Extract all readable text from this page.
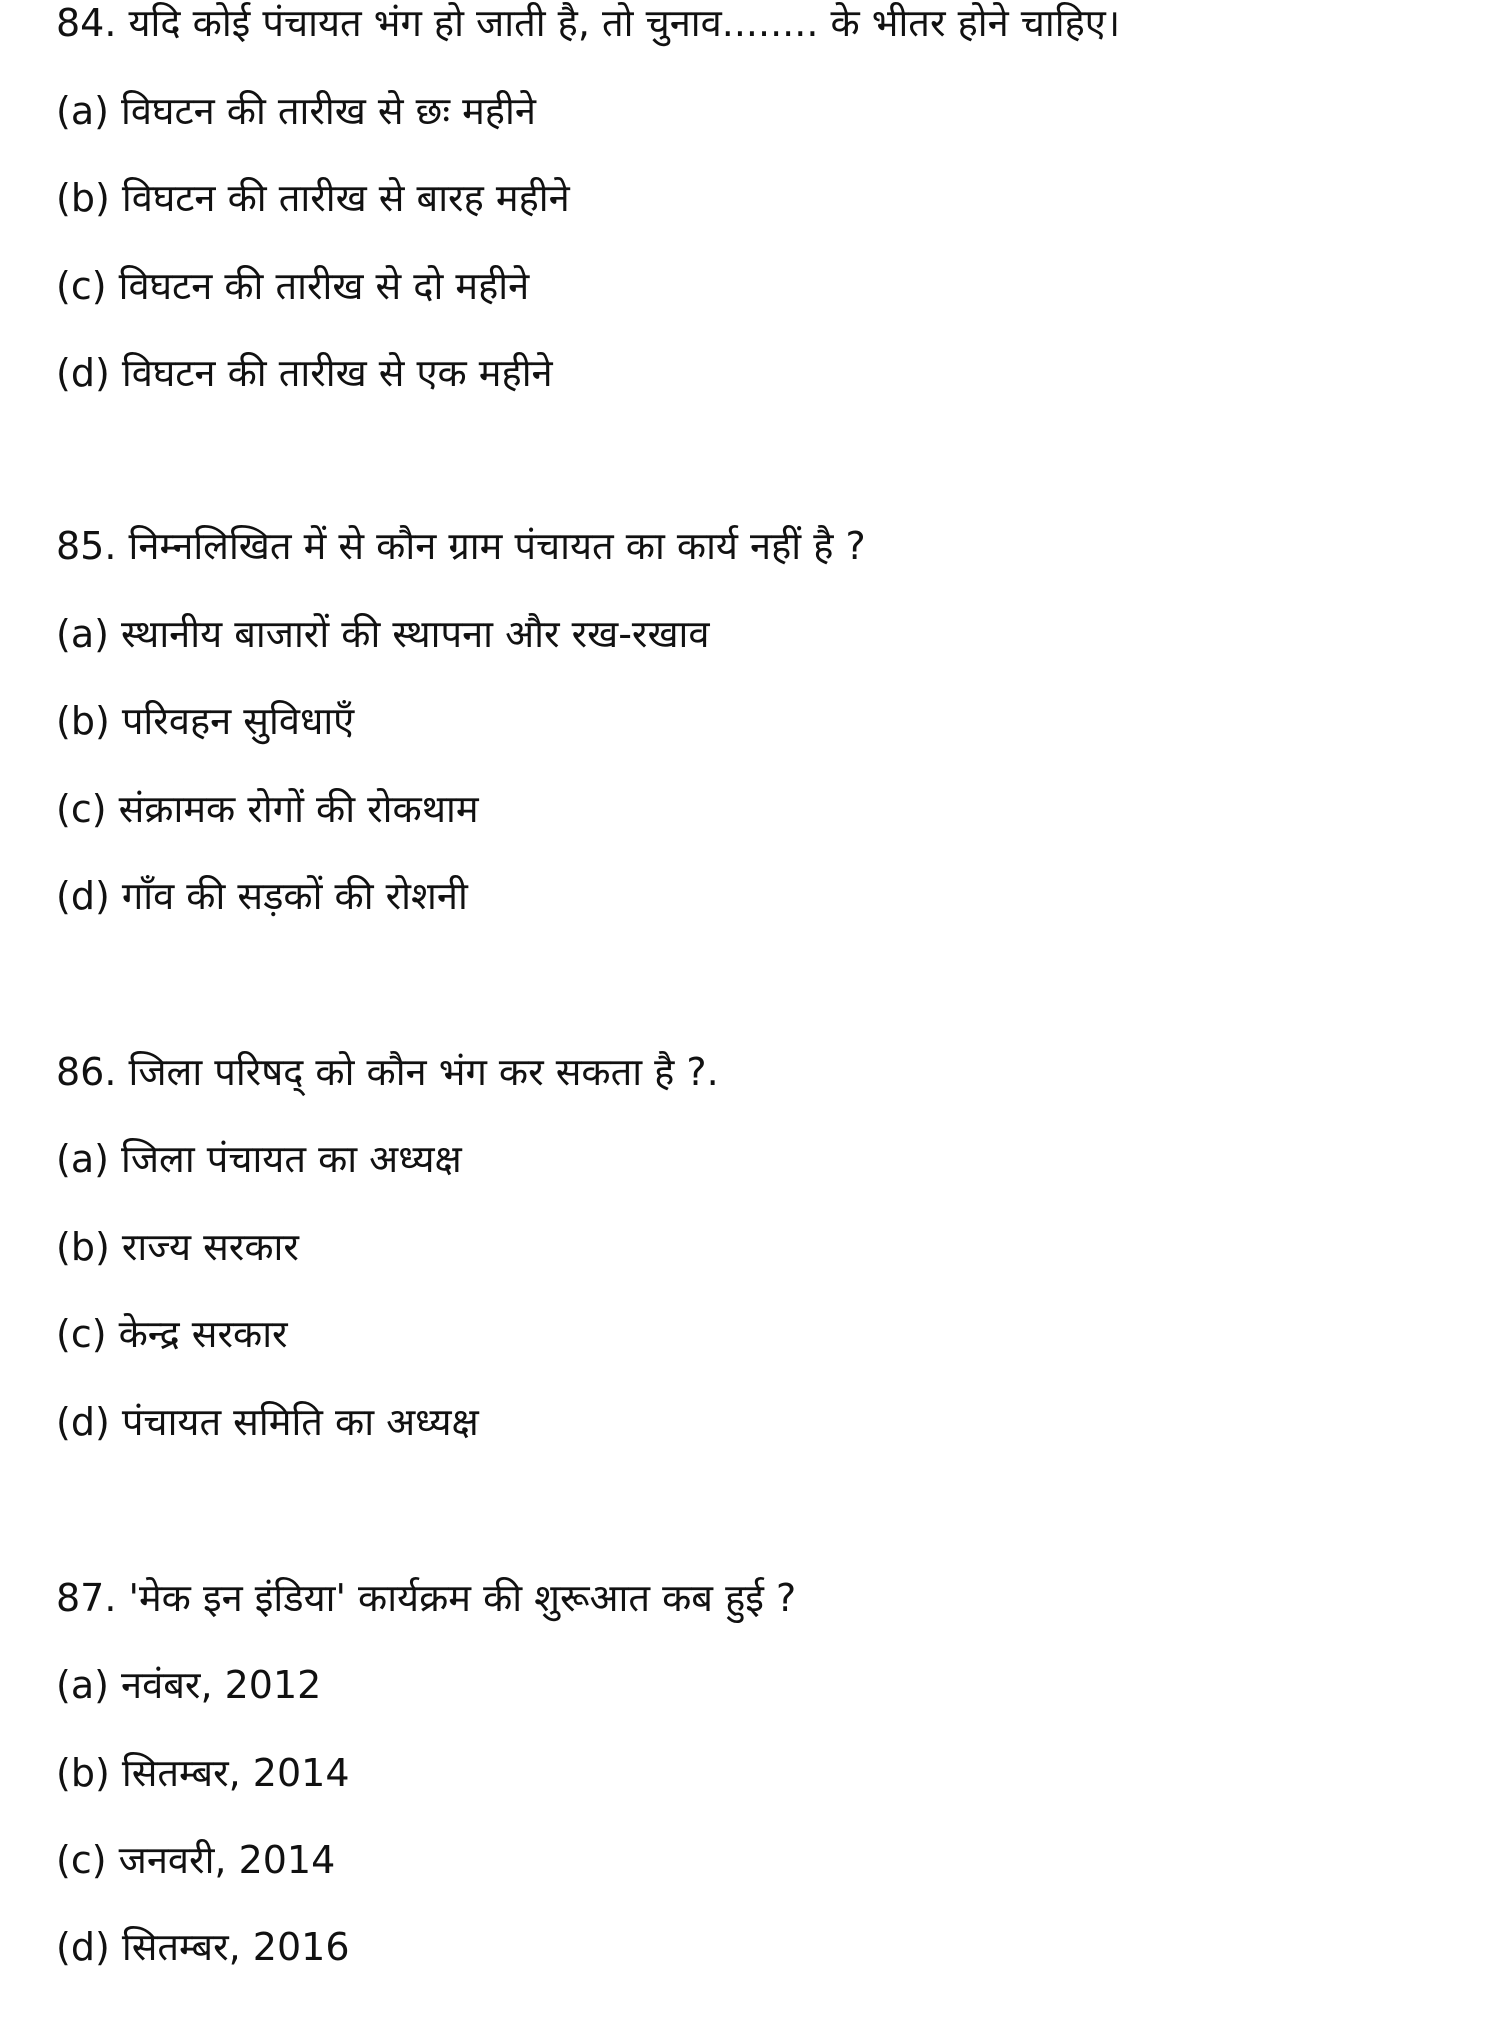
84. यदि कोई पंचायत भंग हो जाती है, तो चुनाव........ के भीतर होने चाहिए।
(a) विघटन की तारीख से छः महीने
(b) विघटन की तारीख से बारह महीने
(c) विघटन की तारीख से दो महीने
(d) विघटन की तारीख से एक महीने
85. निम्नलिखित में से कौन ग्राम पंचायत का कार्य नहीं है ?
(a) स्थानीय बाजारों की स्थापना और रख-रखाव
(b) परिवहन सुविधाएँ
(c) संक्रामक रोगों की रोकथाम
(d) गाँव की सड़कों की रोशनी
86. जिला परिषद् को कौन भंग कर सकता है ?.
(a) जिला पंचायत का अध्यक्ष
(b) राज्य सरकार
(c) केन्द्र सरकार
(d) पंचायत समिति का अध्यक्ष
87. 'मेक इन इंडिया' कार्यक्रम की शुरूआत कब हुई ?
(a) नवंबर, 2012
(b) सितम्बर, 2014
(c) जनवरी, 2014
(d) सितम्बर, 2016
